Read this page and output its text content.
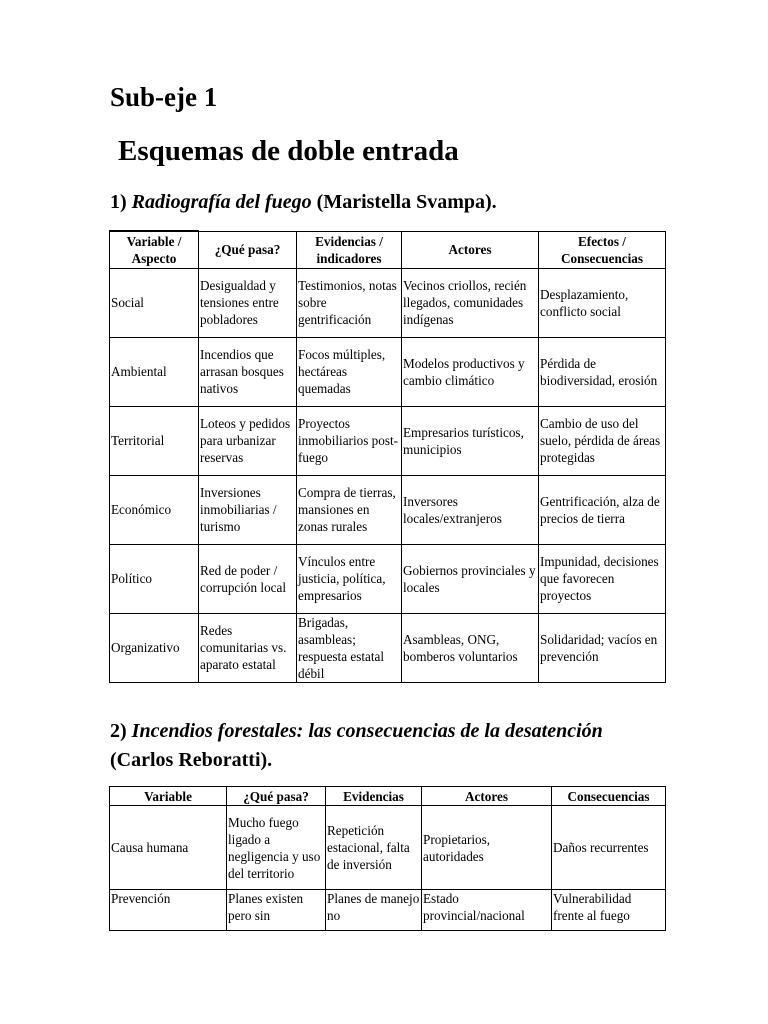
Sub-eje 1
Esquemas de doble entrada

1) Radiografía del fuego (Maristella Svampa).

Variable / Aspecto	¿Qué pasa?	Evidencias / indicadores	Actores	Efectos / Consecuencias
Social	Desigualdad y tensiones entre pobladores	Testimonios, notas sobre gentrificación	Vecinos criollos, recién llegados, comunidades indígenas	Desplazamiento, conflicto social
Ambiental	Incendios que arrasan bosques nativos	Focos múltiples, hectáreas quemadas	Modelos productivos y cambio climático	Pérdida de biodiversidad, erosión
Territorial	Loteos y pedidos para urbanizar reservas	Proyectos inmobiliarios post-fuego	Empresarios turísticos, municipios	Cambio de uso del suelo, pérdida de áreas protegidas
Económico	Inversiones inmobiliarias / turismo	Compra de tierras, mansiones en zonas rurales	Inversores locales/extranjeros	Gentrificación, alza de precios de tierra
Político	Red de poder / corrupción local	Vínculos entre justicia, política, empresarios	Gobiernos provinciales y locales	Impunidad, decisiones que favorecen proyectos
Organizativo	Redes comunitarias vs. aparato estatal	Brigadas, asambleas; respuesta estatal débil	Asambleas, ONG, bomberos voluntarios	Solidaridad; vacíos en prevención

2) Incendios forestales: las consecuencias de la desatención (Carlos Reboratti).

Variable	¿Qué pasa?	Evidencias	Actores	Consecuencias
Causa humana	Mucho fuego ligado a negligencia y uso del territorio	Repetición estacional, falta de inversión	Propietarios, autoridades	Daños recurrentes
Prevención	Planes existen pero sin	Planes de manejo no	Estado provincial/nacional	Vulnerabilidad frente al fuego
